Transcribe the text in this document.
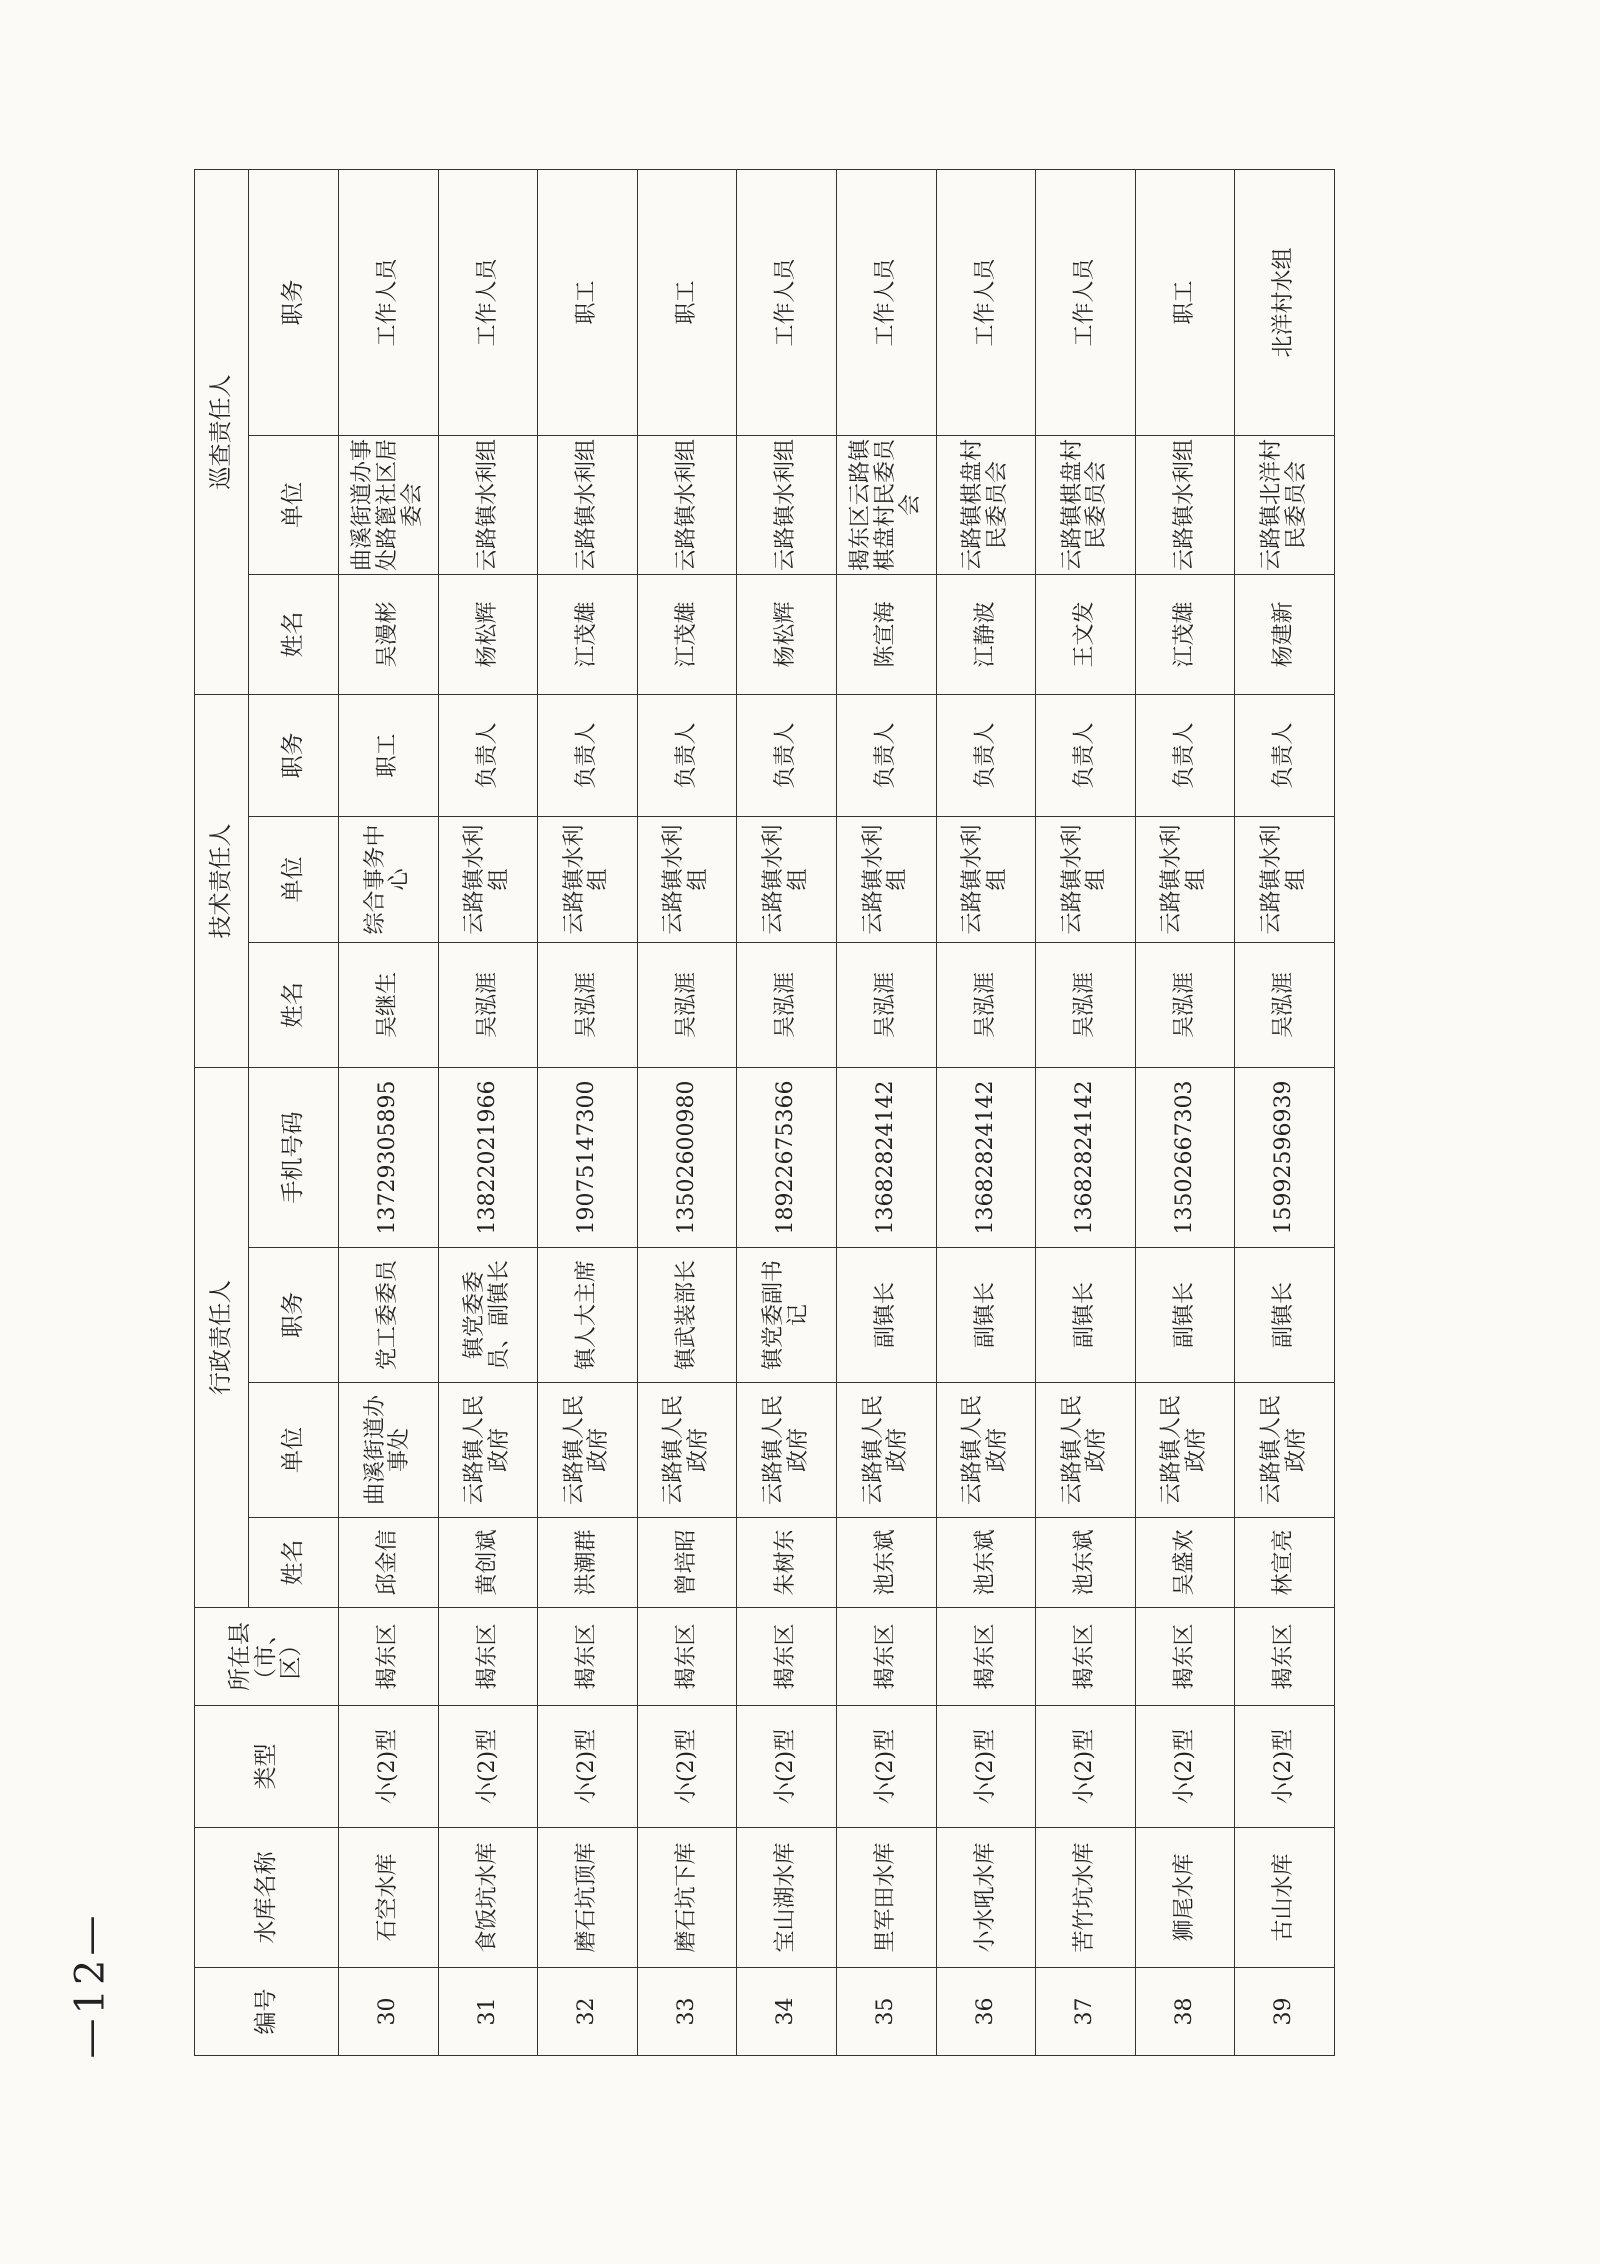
编号	水库名称	类型	所在县（市、区）	行政责任人				技术责任人			巡查责任人		
				姓名	单位	职务	手机号码	姓名	单位	职务	姓名	单位	职务
30	石空水库	小(2)型	揭东区	邱金信	曲溪街道办事处	党工委委员	13729305895	吴继生	综合事务中心	职工	吴漫彬	曲溪街道办事处路篦社区居委会	工作人员
31	食饭坑水库	小(2)型	揭东区	黄创斌	云路镇人民政府	镇党委委员、副镇长	13822021966	吴泓涯	云路镇水利组	负责人	杨松辉	云路镇水利组	工作人员
32	磨石坑顶库	小(2)型	揭东区	洪潮群	云路镇人民政府	镇人大主席	19075147300	吴泓涯	云路镇水利组	负责人	江茂雄	云路镇水利组	职工
33	磨石坑下库	小(2)型	揭东区	曾培昭	云路镇人民政府	镇武装部长	13502600980	吴泓涯	云路镇水利组	负责人	江茂雄	云路镇水利组	职工
34	宝山湖水库	小(2)型	揭东区	朱树东	云路镇人民政府	镇党委副书记	18922675366	吴泓涯	云路镇水利组	负责人	杨松辉	云路镇水利组	工作人员
35	里军田水库	小(2)型	揭东区	池东斌	云路镇人民政府	副镇长	13682824142	吴泓涯	云路镇水利组	负责人	陈宣海	揭东区云路镇棋盘村民委员会	工作人员
36	小水吼水库	小(2)型	揭东区	池东斌	云路镇人民政府	副镇长	13682824142	吴泓涯	云路镇水利组	负责人	江静波	云路镇棋盘村民委员会	工作人员
37	苦竹坑水库	小(2)型	揭东区	池东斌	云路镇人民政府	副镇长	13682824142	吴泓涯	云路镇水利组	负责人	王文发	云路镇棋盘村民委员会	工作人员
38	狮尾水库	小(2)型	揭东区	吴盛欢	云路镇人民政府	副镇长	13502667303	吴泓涯	云路镇水利组	负责人	江茂雄	云路镇水利组	职工
39	古山水库	小(2)型	揭东区	林宣亮	云路镇人民政府	副镇长	15992596939	吴泓涯	云路镇水利组	负责人	杨建新	云路镇北洋村民委员会	北洋村水组
—12—
